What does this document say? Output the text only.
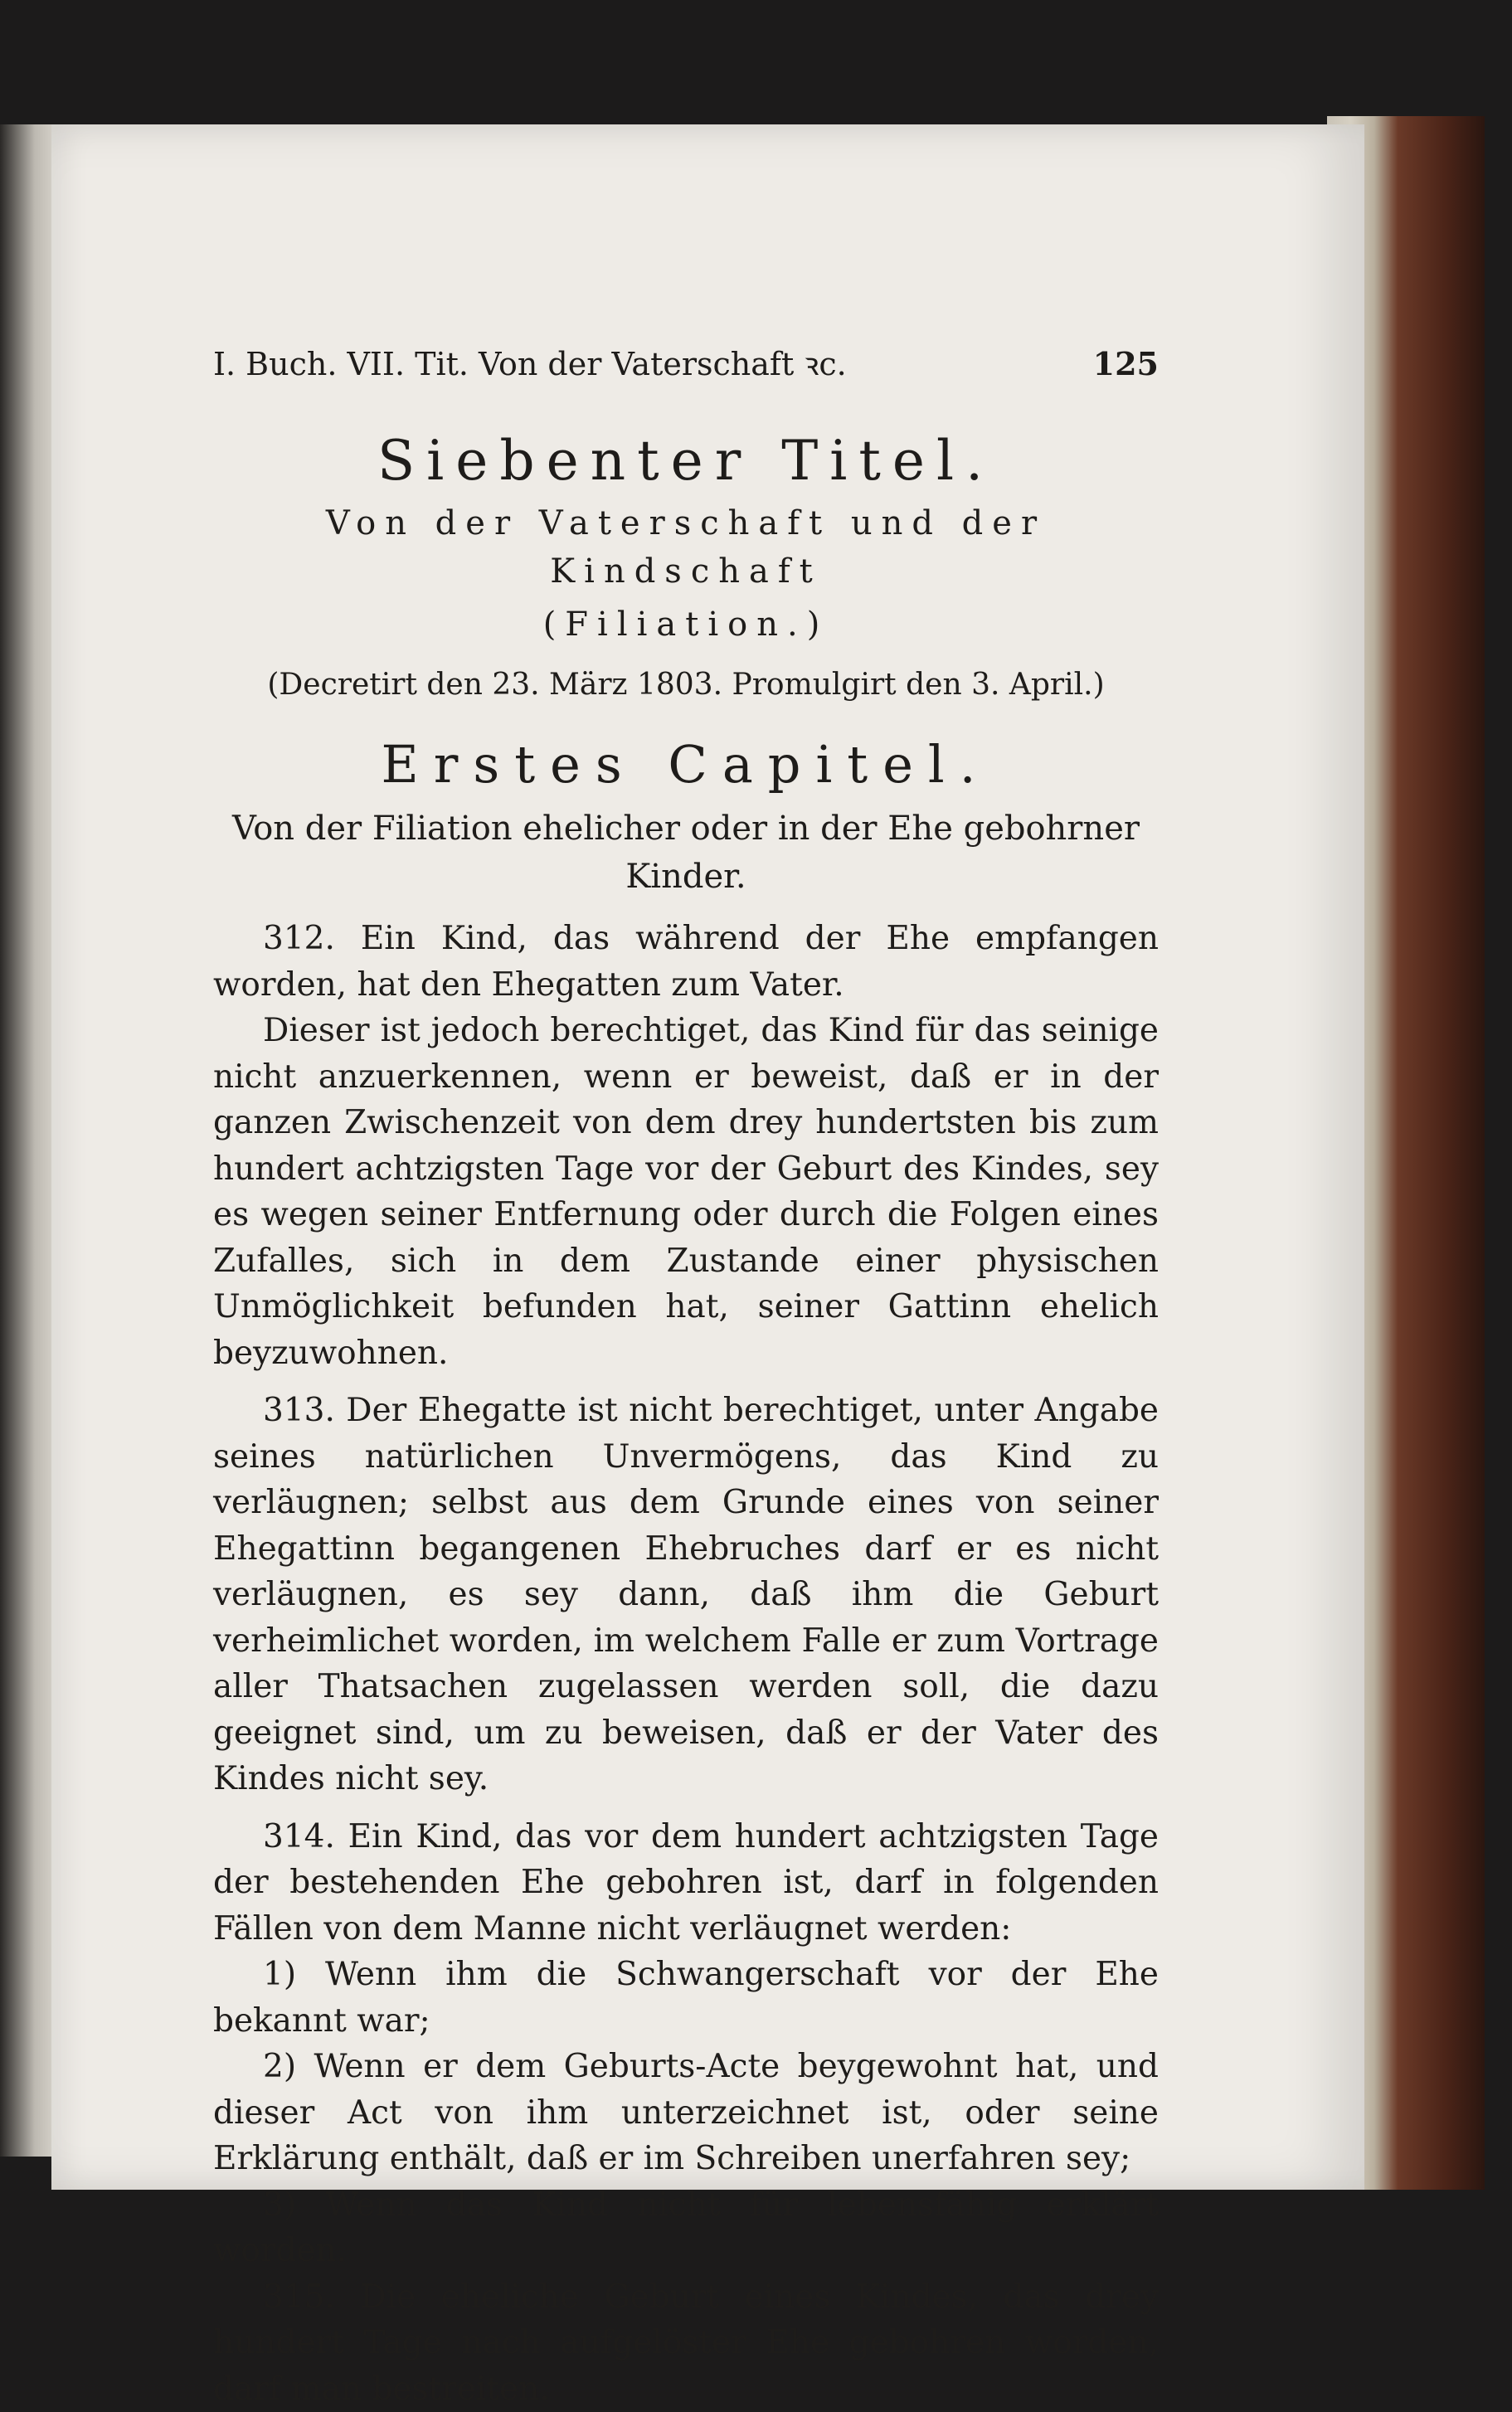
I. Buch. VII. Tit. Von der Vaterschaft ꝛc.	125
Siebenter Titel.
Von der Vaterschaft und der Kindschaft
(Filiation.)
(Decretirt den 23. März 1803. Promulgirt den 3. April.)
Erstes Capitel.
Von der Filiation ehelicher oder in der Ehe gebohrner Kinder.

312. Ein Kind, das während der Ehe empfangen worden, hat den Ehegatten zum Vater.

Dieser ist jedoch berechtiget, das Kind für das seinige nicht anzuerkennen, wenn er beweist, daß er in der ganzen Zwischenzeit von dem drey hundertsten bis zum hundert achtzigsten Tage vor der Geburt des Kindes, sey es wegen seiner Entfernung oder durch die Folgen eines Zufalles, sich in dem Zustande einer physischen Unmöglichkeit befunden hat, seiner Gattinn ehelich beyzuwohnen.

313. Der Ehegatte ist nicht berechtiget, unter Angabe seines natürlichen Unvermögens, das Kind zu verläugnen; selbst aus dem Grunde eines von seiner Ehegattinn begangenen Ehebruches darf er es nicht verläugnen, es sey dann, daß ihm die Geburt verheimlichet worden, im welchem Falle er zum Vortrage aller Thatsachen zugelassen werden soll, die dazu geeignet sind, um zu beweisen, daß er der Vater des Kindes nicht sey.

314. Ein Kind, das vor dem hundert achtzigsten Tage der bestehenden Ehe gebohren ist, darf in folgenden Fällen von dem Manne nicht verläugnet werden:

1) Wenn ihm die Schwangerschaft vor der Ehe bekannt war;

2) Wenn er dem Geburts-Acte beygewohnt hat, und dieser Act von ihm unterzeichnet ist, oder seine Erklärung enthält, daß er im Schreiben unerfahren sey;

3) Wenn das Kind nicht für lebensfähig erklärt worden.

315. Die eheliche Geburt eines Kindes, das drey hundert Tage nach aufgelöster Ehe gebohren worden, darf man bestreiten.
